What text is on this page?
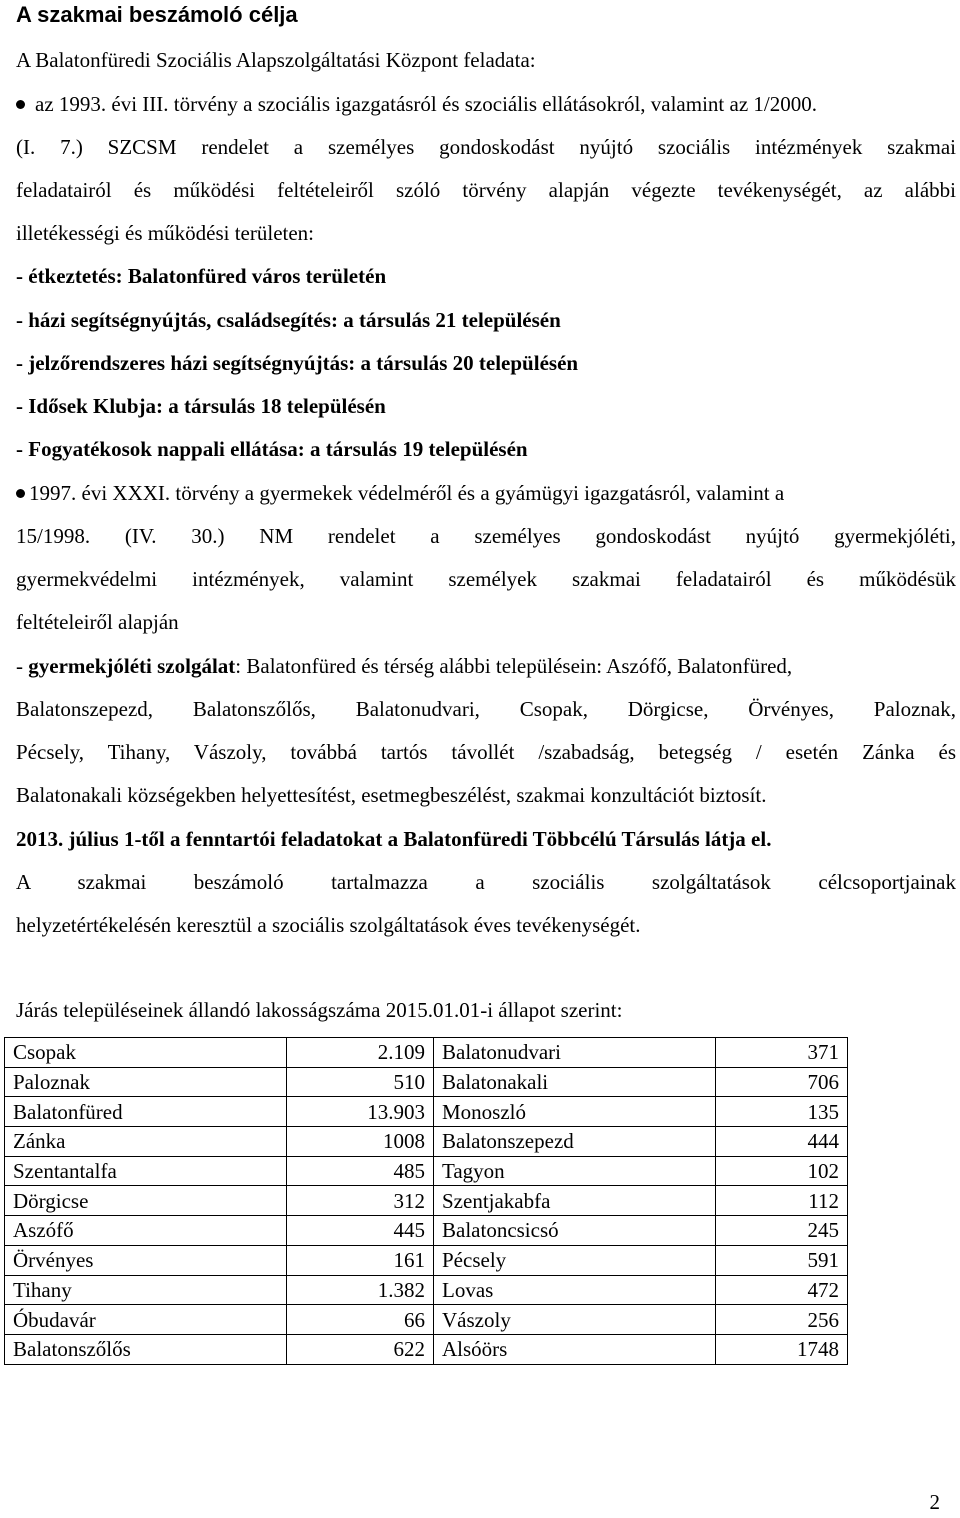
A szakmai beszámoló célja
A Balatonfüredi Szociális Alapszolgáltatási Központ feladata:
az 1993. évi III. törvény a szociális igazgatásról és szociális ellátásokról, valamint az 1/2000.
(I. 7.) SZCSM rendelet a személyes gondoskodást nyújtó szociális intézmények szakmai
feladatairól és működési feltételeiről szóló törvény alapján végezte tevékenységét, az alábbi
illetékességi és működési területen:
- étkeztetés: Balatonfüred város területén
- házi segítségnyújtás, családsegítés: a társulás 21 településén
- jelzőrendszeres házi segítségnyújtás: a társulás 20 településén
- Idősek Klubja: a társulás 18 településén
- Fogyatékosok nappali ellátása: a társulás 19 településén
1997. évi XXXI. törvény a gyermekek védelméről és a gyámügyi igazgatásról, valamint a
15/1998. (IV. 30.) NM rendelet a személyes gondoskodást nyújtó gyermekjóléti,
gyermekvédelmi intézmények, valamint személyek szakmai feladatairól és működésük
feltételeiről alapján
- gyermekjóléti szolgálat: Balatonfüred és térség alábbi településein: Aszófő, Balatonfüred,
Balatonszepezd, Balatonszőlős, Balatonudvari, Csopak, Dörgicse, Örvényes, Paloznak,
Pécsely, Tihany, Vászoly, továbbá tartós távollét /szabadság, betegség / esetén Zánka és
Balatonakali községekben helyettesítést, esetmegbeszélést, szakmai konzultációt biztosít.
2013. július 1-től a fenntartói feladatokat a Balatonfüredi Többcélú Társulás látja el.
A szakmai beszámoló tartalmazza a szociális szolgáltatások célcsoportjainak
helyzetértékelésén keresztül a szociális szolgáltatások éves tevékenységét.
Járás településeinek állandó lakosságszáma 2015.01.01-i állapot szerint:
Csopak	2.109	Balatonudvari	371
Paloznak	510	Balatonakali	706
Balatonfüred	13.903	Monoszló	135
Zánka	1008	Balatonszepezd	444
Szentantalfa	485	Tagyon	102
Dörgicse	312	Szentjakabfa	112
Aszófő	445	Balatoncsicsó	245
Örvényes	161	Pécsely	591
Tihany	1.382	Lovas	472
Óbudavár	66	Vászoly	256
Balatonszőlős	622	Alsóörs	1748
2
